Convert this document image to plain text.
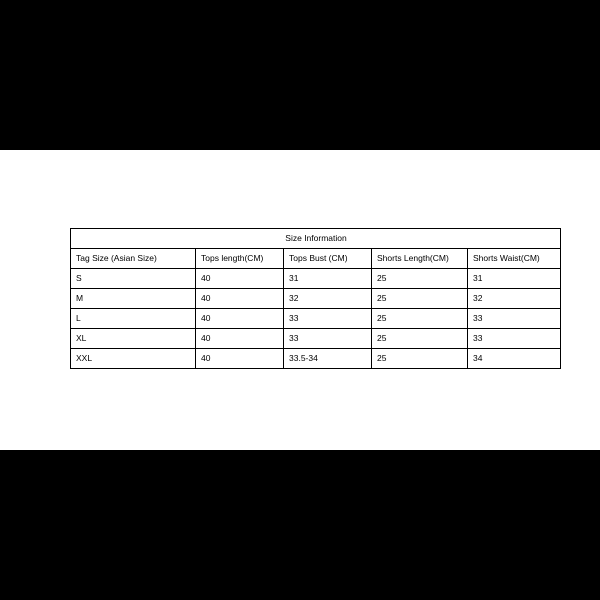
Size Information				
Tag Size (Asian Size)	Tops length(CM)	Tops Bust (CM)	Shorts Length(CM)	Shorts Waist(CM)
S	40	31	25	31
M	40	32	25	32
L	40	33	25	33
XL	40	33	25	33
XXL	40	33.5-34	25	34
